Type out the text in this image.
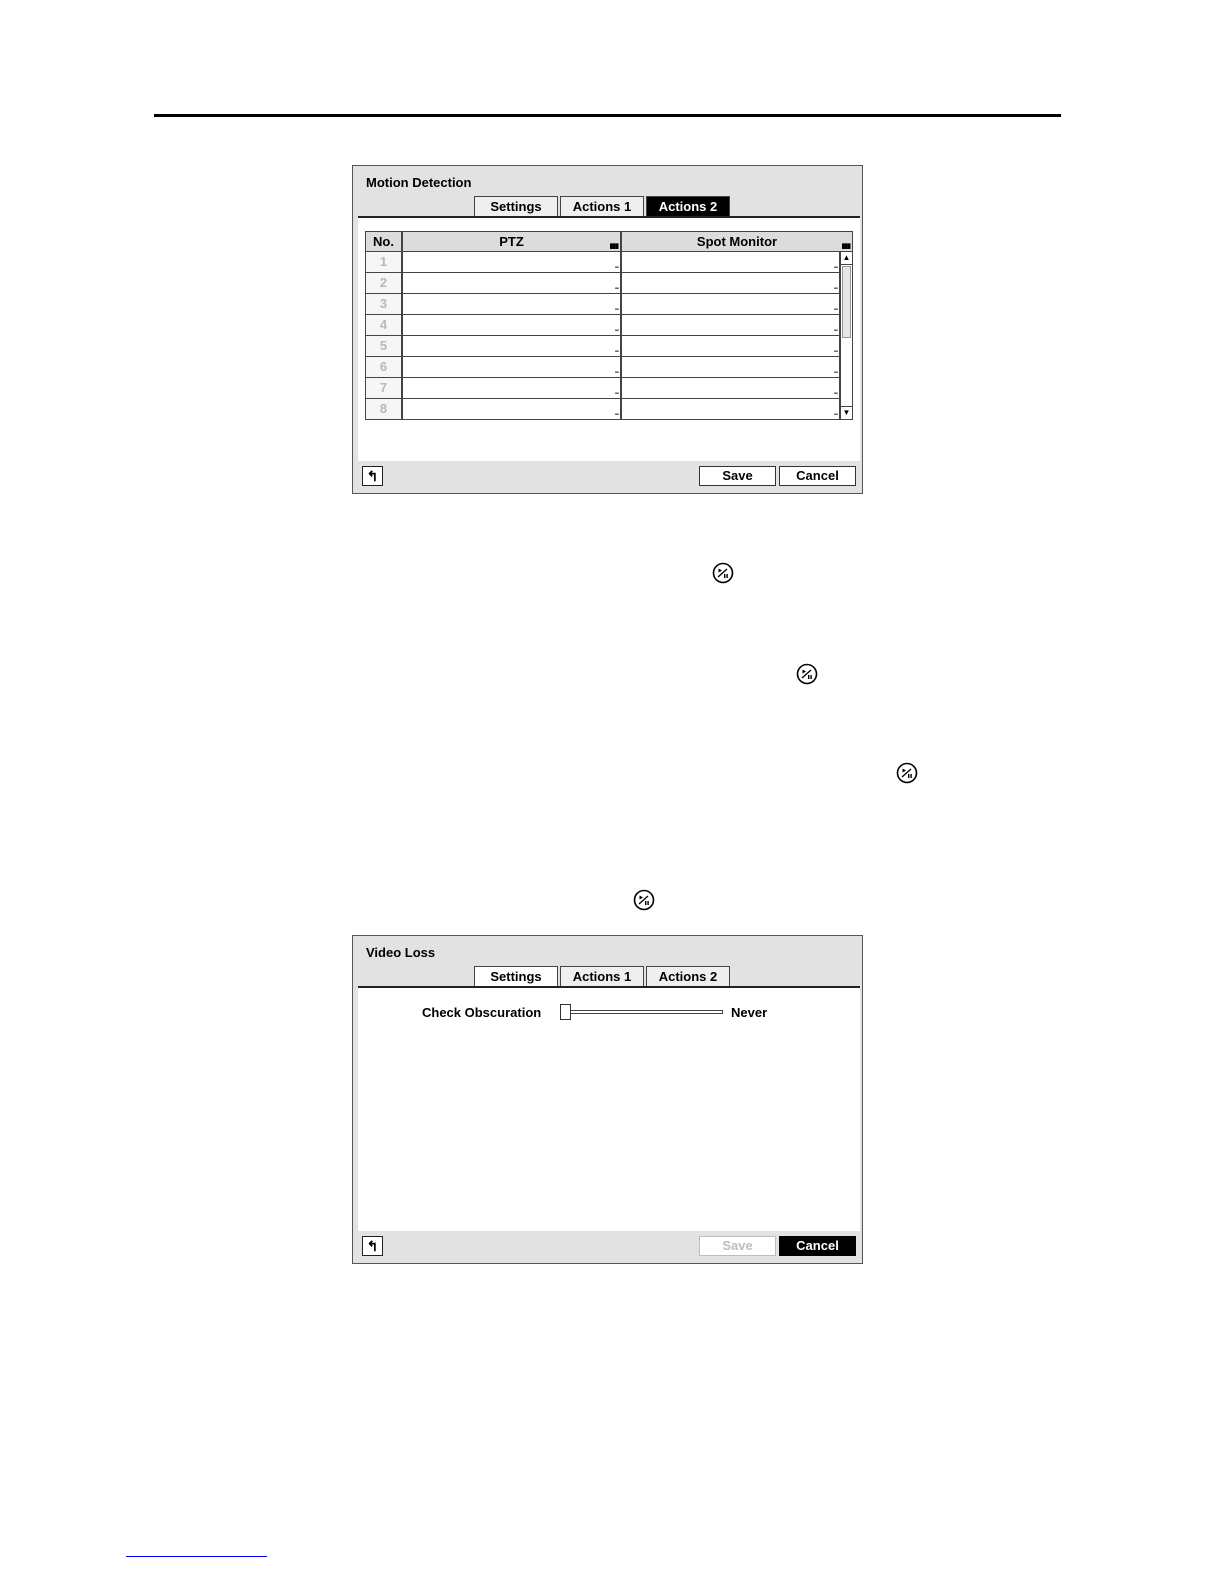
Motion Detection
Settings	Actions 1	Actions 2
No.	PTZ	▮▮▮	Spot Monitor	▮▮▮
▲
▼
1	▪▪▪	▪▪▪
2	▪▪▪	▪▪▪
3	▪▪▪	▪▪▪
4	▪▪▪	▪▪▪
5	▪▪▪	▪▪▪
6	▪▪▪	▪▪▪
7	▪▪▪	▪▪▪
8	▪▪▪	▪▪▪
↰	Save	Cancel
Video Loss
Settings	Actions 1	Actions 2
Check Obscuration	Never
↰	Save	Cancel
